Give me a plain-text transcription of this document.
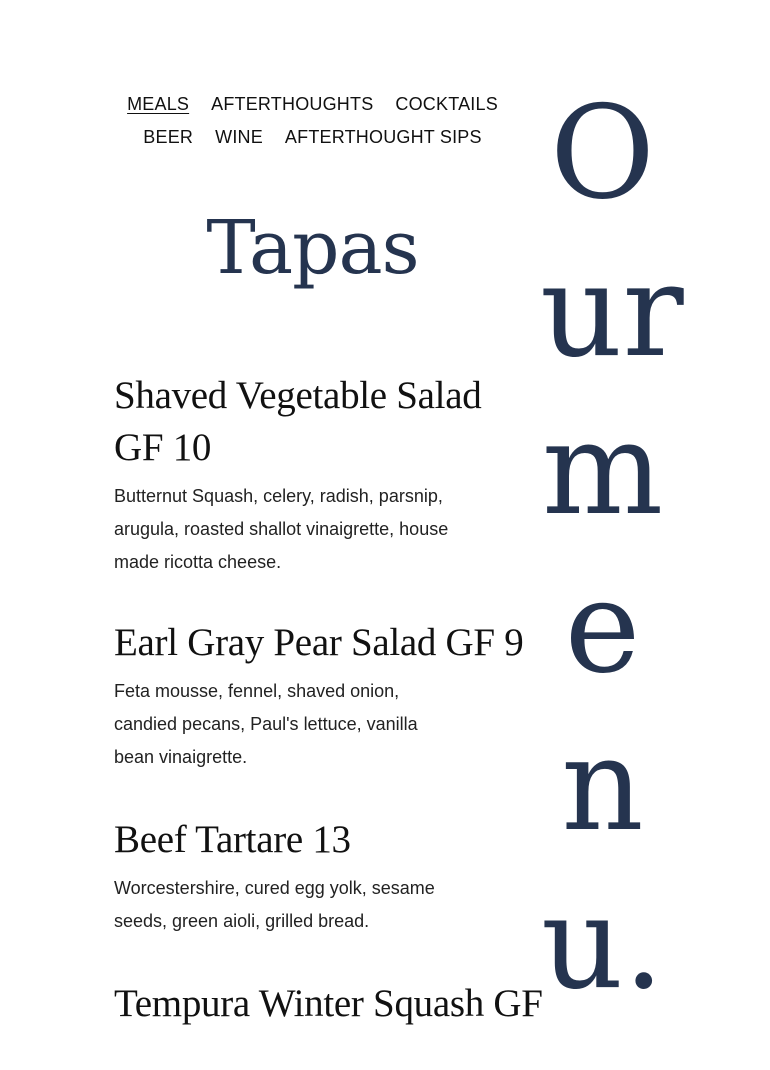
MEALS AFTERTHOUGHTS COCKTAILS
BEER WINE AFTERTHOUGHT SIPS
Tapas
Shaved Vegetable Salad GF 10

Butternut Squash, celery, radish, parsnip, arugula, roasted shallot vinaigrette, house made ricotta cheese.

Earl Gray Pear Salad GF 9

Feta mousse, fennel, shaved onion, candied pecans, Paul's lettuce, vanilla bean vinaigrette.

Beef Tartare 13

Worcestershire, cured egg yolk, sesame seeds, green aioli, grilled bread.

Tempura Winter Squash GF
O
ur
m
e
n
u.
